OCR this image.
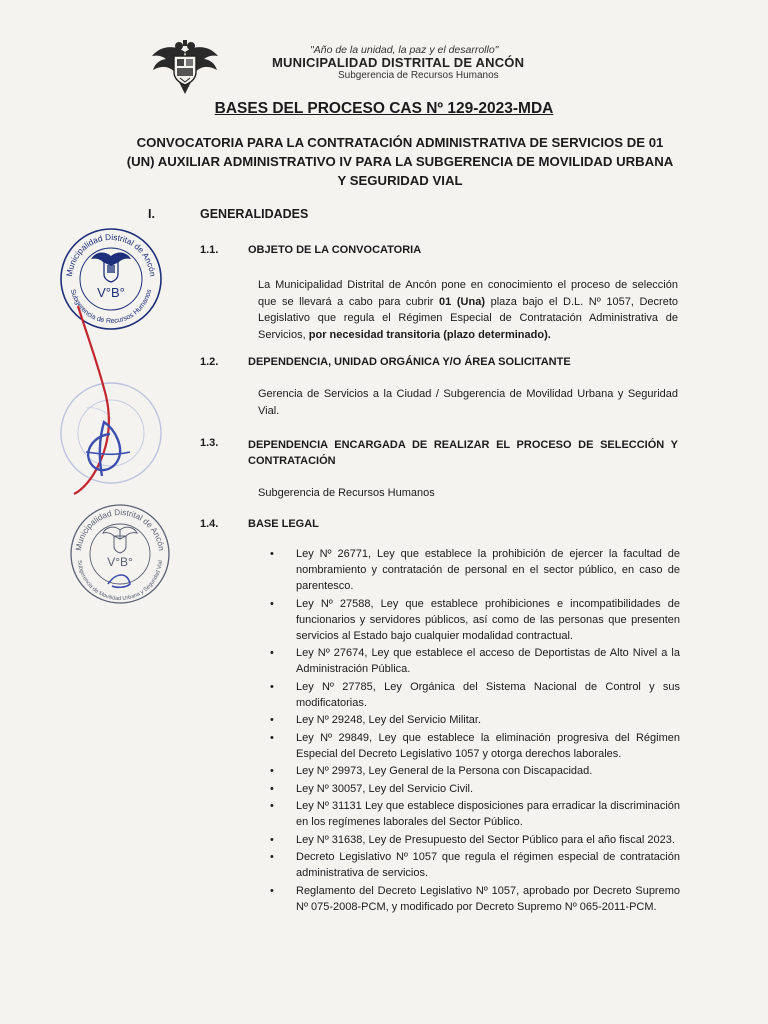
"Año de la unidad, la paz y el desarrollo"
MUNICIPALIDAD DISTRITAL DE ANCÓN
Subgerencia de Recursos Humanos
BASES DEL PROCESO CAS Nº 129-2023-MDA
CONVOCATORIA PARA LA CONTRATACIÓN ADMINISTRATIVA DE SERVICIOS DE 01
(UN) AUXILIAR ADMINISTRATIVO IV PARA LA SUBGERENCIA DE MOVILIDAD URBANA
Y SEGURIDAD VIAL
I.	GENERALIDADES
1.1.	OBJETO DE LA CONVOCATORIA
La Municipalidad Distrital de Ancón pone en conocimiento el proceso de selección que se llevará a cabo para cubrir 01 (Una) plaza bajo el D.L. Nº 1057, Decreto Legislativo que regula el Régimen Especial de Contratación Administrativa de Servicios, por necesidad transitoria (plazo determinado).
1.2.	DEPENDENCIA, UNIDAD ORGÁNICA Y/O ÁREA SOLICITANTE
Gerencia de Servicios a la Ciudad / Subgerencia de Movilidad Urbana y Seguridad Vial.
1.3.	DEPENDENCIA ENCARGADA DE REALIZAR EL PROCESO DE SELECCIÓN Y CONTRATACIÓN
Subgerencia de Recursos Humanos
1.4.	BASE LEGAL
• Ley Nº 26771, Ley que establece la prohibición de ejercer la facultad de nombramiento y contratación de personal en el sector público, en caso de parentesco.
• Ley Nº 27588, Ley que establece prohibiciones e incompatibilidades de funcionarios y servidores públicos, así como de las personas que presenten servicios al Estado bajo cualquier modalidad contractual.
• Ley Nº 27674, Ley que establece el acceso de Deportistas de Alto Nivel a la Administración Pública.
• Ley Nº 27785, Ley Orgánica del Sistema Nacional de Control y sus modificatorias.
• Ley Nº 29248, Ley del Servicio Militar.
• Ley Nº 29849, Ley que establece la eliminación progresiva del Régimen Especial del Decreto Legislativo 1057 y otorga derechos laborales.
• Ley Nº 29973, Ley General de la Persona con Discapacidad.
• Ley Nº 30057, Ley del Servicio Civil.
• Ley Nº 31131 Ley que establece disposiciones para erradicar la discriminación en los regímenes laborales del Sector Público.
• Ley Nº 31638, Ley de Presupuesto del Sector Público para el año fiscal 2023.
• Decreto Legislativo Nº 1057 que regula el régimen especial de contratación administrativa de servicios.
• Reglamento del Decreto Legislativo Nº 1057, aprobado por Decreto Supremo Nº 075-2008-PCM, y modificado por Decreto Supremo Nº 065-2011-PCM.
Municipalidad Distrital de Ancón
Subgerencia de Recursos Humanos
V°B°
Municipalidad Distrital de Ancón
Subgerencia de Movilidad Urbana y Seguridad Vial
V°B°
